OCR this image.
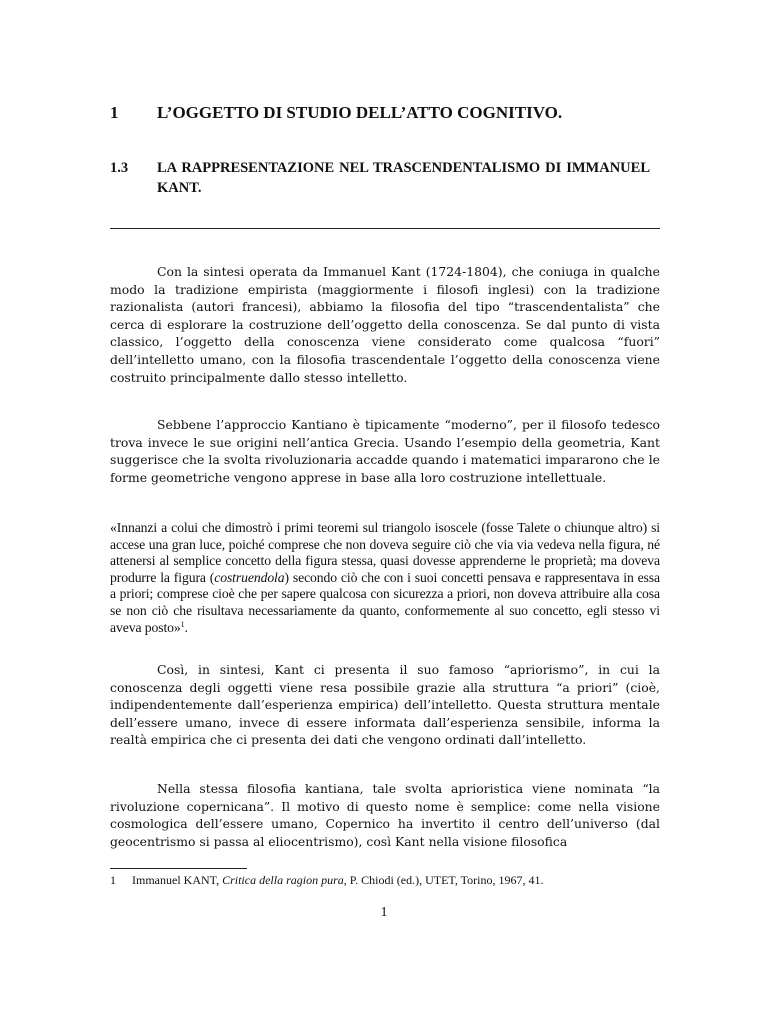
1 L’OGGETTO DI STUDIO DELL’ATTO COGNITIVO.
1.3 LA RAPPRESENTAZIONE NEL TRASCENDENTALISMO DI IMMANUEL KANT.

Con la sintesi operata da Immanuel Kant (1724-1804), che coniuga in qualche modo la tradizione empirista (maggiormente i filosofi inglesi) con la tradizione razionalista (autori francesi), abbiamo la filosofia del tipo “trascendentalista” che cerca di esplorare la costruzione dell’oggetto della conoscenza. Se dal punto di vista classico, l’oggetto della conoscenza viene considerato come qualcosa “fuori” dell’intelletto umano, con la filosofia trascendentale l’oggetto della conoscenza viene costruito principalmente dallo stesso intelletto.

Sebbene l’approccio Kantiano è tipicamente “moderno”, per il filosofo tedesco trova invece le sue origini nell’antica Grecia. Usando l’esempio della geometria, Kant suggerisce che la svolta rivoluzionaria accadde quando i matematici impararono che le forme geometriche vengono apprese in base alla loro costruzione intellettuale.

«Innanzi a colui che dimostrò i primi teoremi sul triangolo isoscele (fosse Talete o chiunque altro) si accese una gran luce, poiché comprese che non doveva seguire ciò che via via vedeva nella figura, né attenersi al semplice concetto della figura stessa, quasi dovesse apprenderne le proprietà; ma doveva produrre la figura (costruendola) secondo ciò che con i suoi concetti pensava e rappresentava in essa a priori; comprese cioè che per sapere qualcosa con sicurezza a priori, non doveva attribuire alla cosa se non ciò che risultava necessariamente da quanto, conformemente al suo concetto, egli stesso vi aveva posto»$^1$.

Così, in sintesi, Kant ci presenta il suo famoso “apriorismo”, in cui la conoscenza degli oggetti viene resa possibile grazie alla struttura “a priori” (cioè, indipendentemente dall’esperienza empirica) dell’intelletto. Questa struttura mentale dell’essere umano, invece di essere informata dall’esperienza sensibile, informa la realtà empirica che ci presenta dei dati che vengono ordinati dall’intelletto.

Nella stessa filosofia kantiana, tale svolta aprioristica viene nominata “la rivoluzione copernicana”. Il motivo di questo nome è semplice: come nella visione cosmologica dell’essere umano, Copernico ha invertito il centro dell’universo (dal geocentrismo si passa al eliocentrismo), così Kant nella visione filosofica

1 Immanuel KANT, Critica della ragion pura, P. Chiodi (ed.), UTET, Torino, 1967, 41.
1
